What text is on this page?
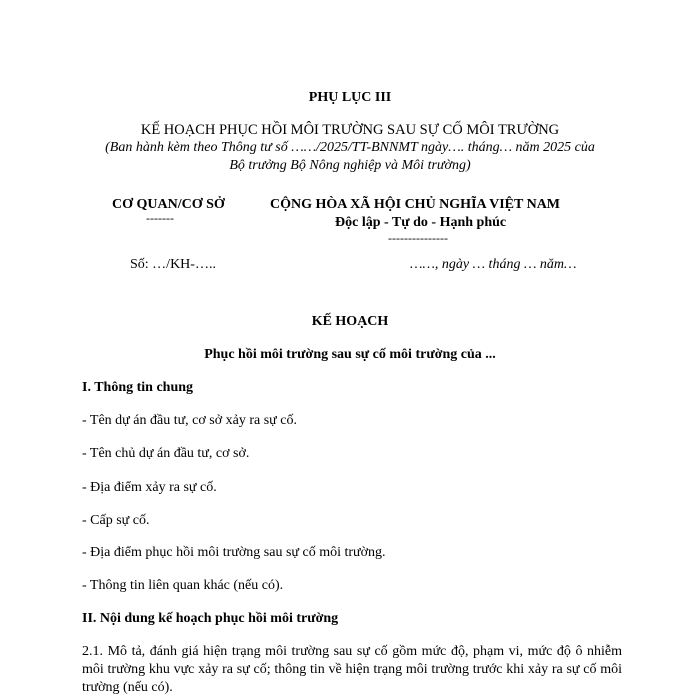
PHỤ LỤC III
KẾ HOẠCH PHỤC HỒI MÔI TRƯỜNG SAU SỰ CỐ MÔI TRƯỜNG
(Ban hành kèm theo Thông tư số ……/2025/TT-BNNMT ngày…. tháng… năm 2025 của
Bộ trưởng Bộ Nông nghiệp và Môi trường)
CƠ QUAN/CƠ SỞ
-------
Số: …/KH-…..
CỘNG HÒA XÃ HỘI CHỦ NGHĨA VIỆT NAM
Độc lập - Tự do - Hạnh phúc
---------------
……, ngày … tháng … năm…
KẾ HOẠCH
Phục hồi môi trường sau sự cố môi trường của ...
I. Thông tin chung
- Tên dự án đầu tư, cơ sở xảy ra sự cố.
- Tên chủ dự án đầu tư, cơ sở.
- Địa điểm xảy ra sự cố.
- Cấp sự cố.
- Địa điểm phục hồi môi trường sau sự cố môi trường.
- Thông tin liên quan khác (nếu có).
II. Nội dung kế hoạch phục hồi môi trường
2.1. Mô tả, đánh giá hiện trạng môi trường sau sự cố gồm mức độ, phạm vi, mức độ ô nhiễm môi trường khu vực xảy ra sự cố; thông tin về hiện trạng môi trường trước khi xảy ra sự cố môi trường (nếu có).
